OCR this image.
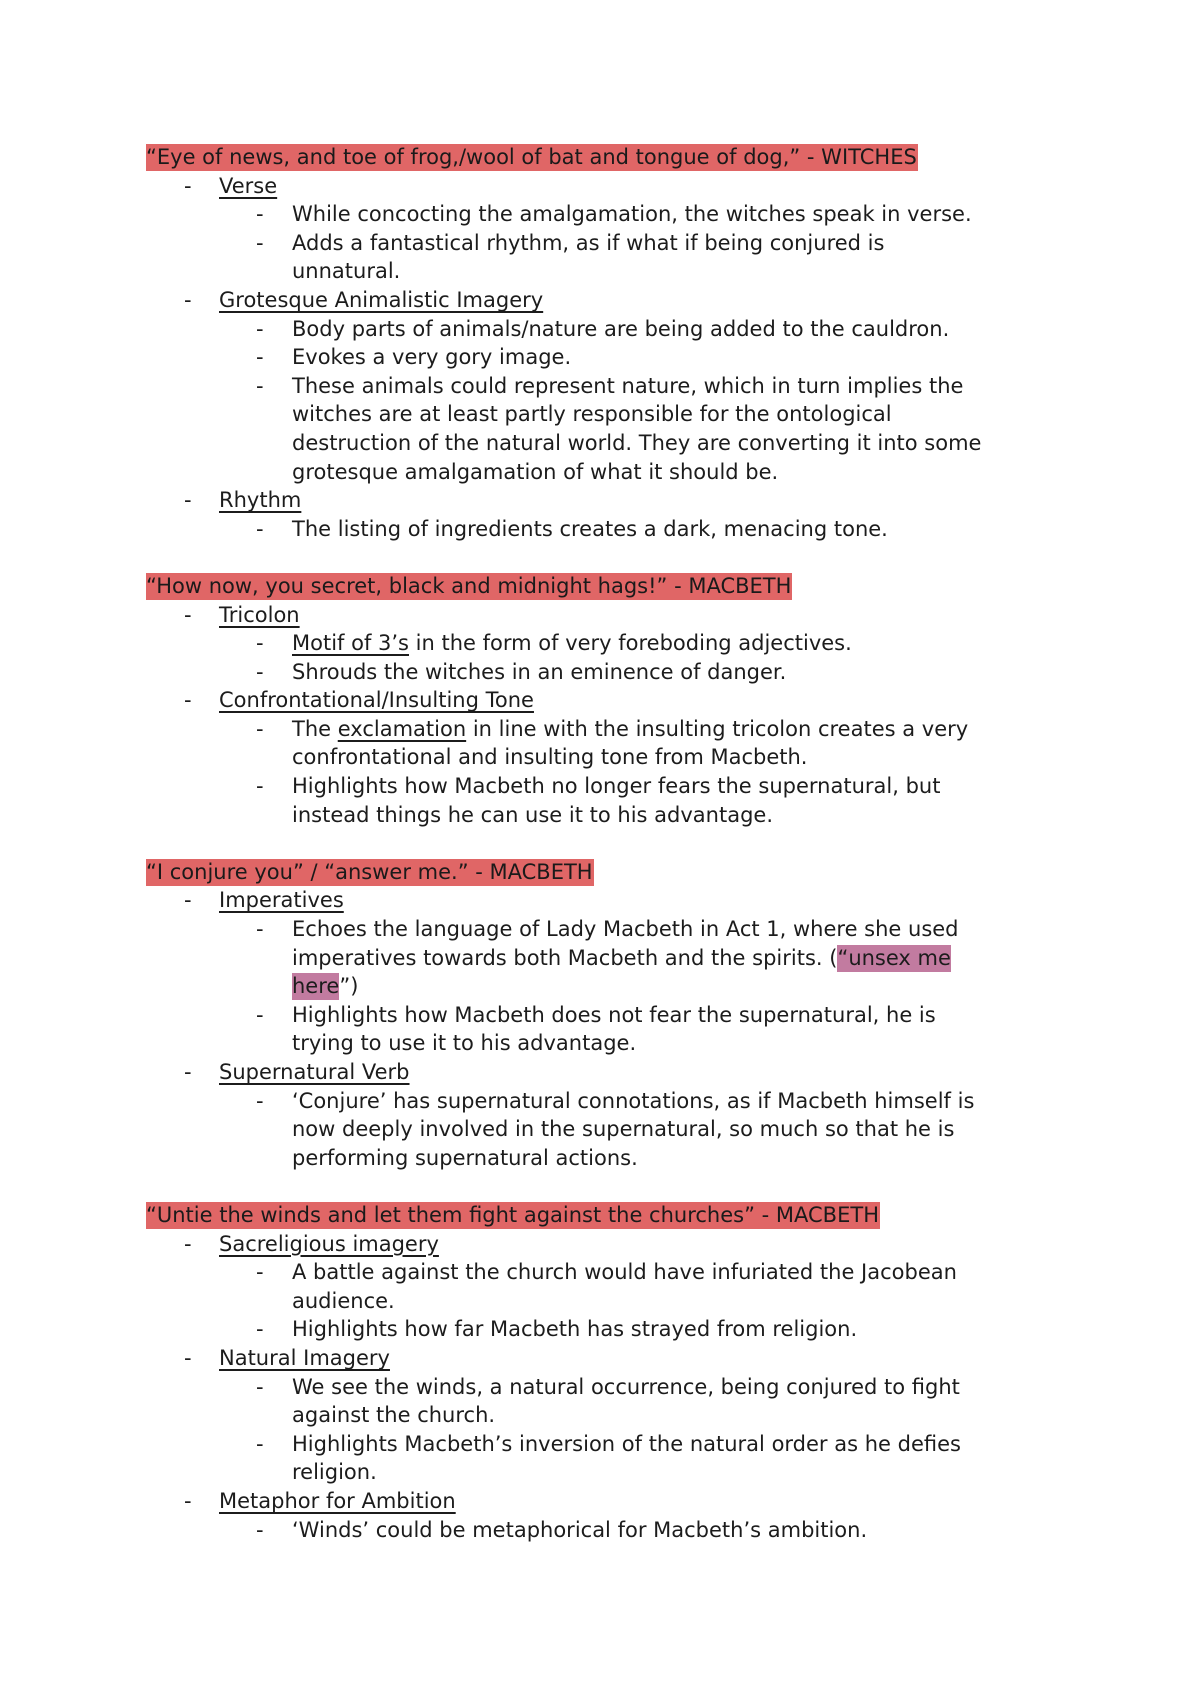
“Eye of news, and toe of frog,/wool of bat and tongue of dog,” - WITCHES
- Verse
- While concocting the amalgamation, the witches speak in verse.
- Adds a fantastical rhythm, as if what if being conjured is
unnatural.
- Grotesque Animalistic Imagery
- Body parts of animals/nature are being added to the cauldron.
- Evokes a very gory image.
- These animals could represent nature, which in turn implies the
witches are at least partly responsible for the ontological
destruction of the natural world. They are converting it into some
grotesque amalgamation of what it should be.
- Rhythm
- The listing of ingredients creates a dark, menacing tone.
“How now, you secret, black and midnight hags!” - MACBETH
- Tricolon
- Motif of 3’s in the form of very foreboding adjectives.
- Shrouds the witches in an eminence of danger.
- Confrontational/Insulting Tone
- The exclamation in line with the insulting tricolon creates a very
confrontational and insulting tone from Macbeth.
- Highlights how Macbeth no longer fears the supernatural, but
instead things he can use it to his advantage.
“I conjure you” / “answer me.” - MACBETH
- Imperatives
- Echoes the language of Lady Macbeth in Act 1, where she used
imperatives towards both Macbeth and the spirits. (“unsex me
here”)
- Highlights how Macbeth does not fear the supernatural, he is
trying to use it to his advantage.
- Supernatural Verb
- ‘Conjure’ has supernatural connotations, as if Macbeth himself is
now deeply involved in the supernatural, so much so that he is
performing supernatural actions.
“Untie the winds and let them fight against the churches” - MACBETH
- Sacreligious imagery
- A battle against the church would have infuriated the Jacobean
audience.
- Highlights how far Macbeth has strayed from religion.
- Natural Imagery
- We see the winds, a natural occurrence, being conjured to fight
against the church.
- Highlights Macbeth’s inversion of the natural order as he defies
religion.
- Metaphor for Ambition
- ‘Winds’ could be metaphorical for Macbeth’s ambition.
